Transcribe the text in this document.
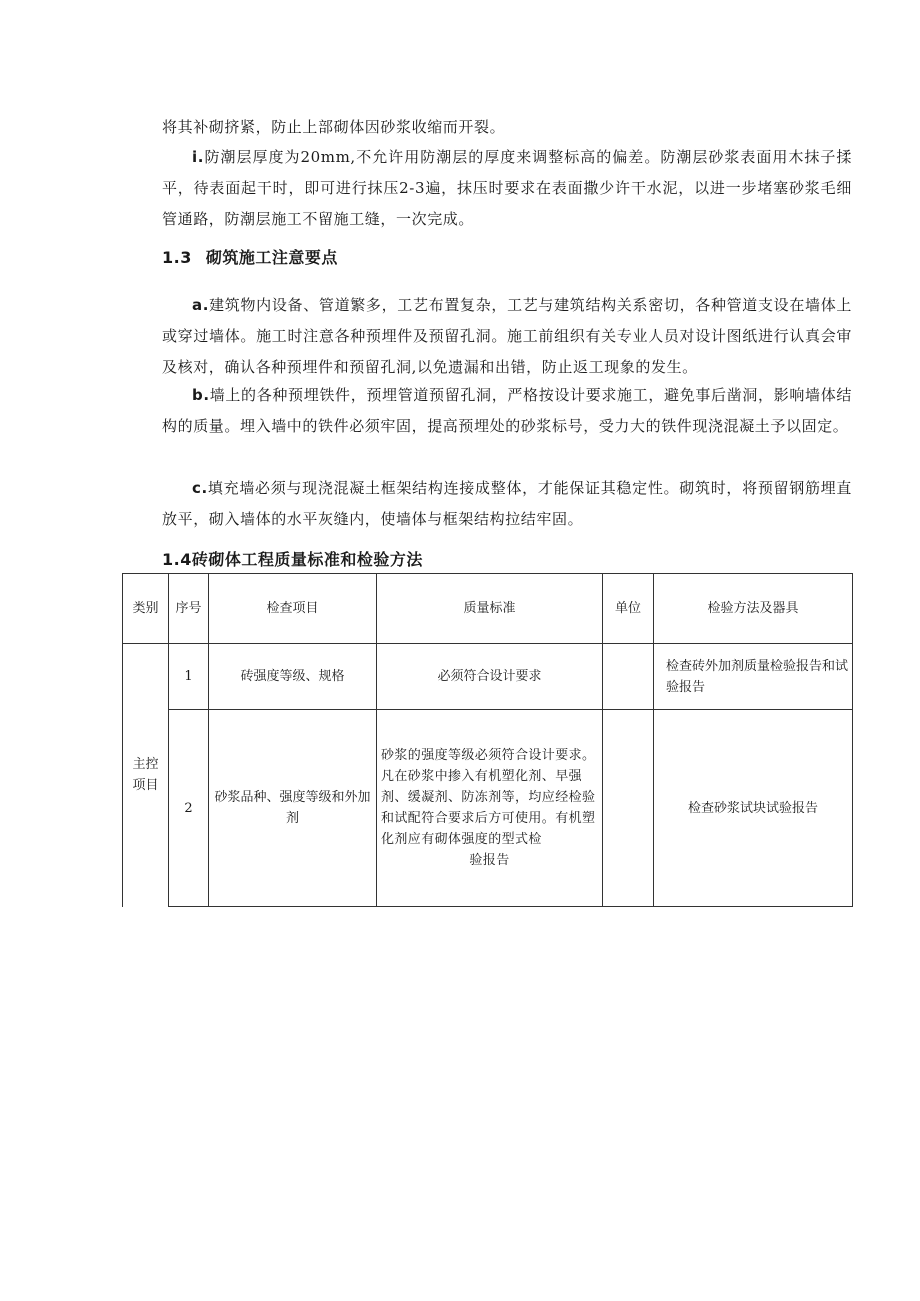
将其补砌挤紧，防止上部砌体因砂浆收缩而开裂。

i.防潮层厚度为20mm,不允许用防潮层的厚度来调整标高的偏差。防潮层砂浆表面用木抹子揉平，待表面起干时，即可进行抹压2-3遍，抹压时要求在表面撒少许干水泥，以进一步堵塞砂浆毛细管通路，防潮层施工不留施工缝，一次完成。

1.3 砌筑施工注意要点

a.建筑物内设备、管道繁多，工艺布置复杂，工艺与建筑结构关系密切，各种管道支设在墙体上或穿过墙体。施工时注意各种预埋件及预留孔洞。施工前组织有关专业人员对设计图纸进行认真会审及核对，确认各种预埋件和预留孔洞,以免遗漏和出错，防止返工现象的发生。

b.墙上的各种预埋铁件，预埋管道预留孔洞，严格按设计要求施工，避免事后凿洞，影响墙体结构的质量。埋入墙中的铁件必须牢固，提高预埋处的砂浆标号，受力大的铁件现浇混凝土予以固定。

c.填充墙必须与现浇混凝土框架结构连接成整体，才能保证其稳定性。砌筑时，将预留钢筋埋直放平，砌入墙体的水平灰缝内，使墙体与框架结构拉结牢固。

1.4砖砌体工程质量标准和检验方法
类别	序号	检查项目	质量标准	单位	检验方法及器具
主控项目	1	砖强度等级、规格	必须符合设计要求		检查砖外加剂质量检验报告和试验报告
	2	砂浆品种、强度等级和外加剂	砂浆的强度等级必须符合设计要求。凡在砂浆中掺入有机塑化剂、早强剂、缓凝剂、防冻剂等，均应经检验和试配符合要求后方可使用。有机塑化剂应有砌体强度的型式检
验报告		检查砂浆试块试验报告
